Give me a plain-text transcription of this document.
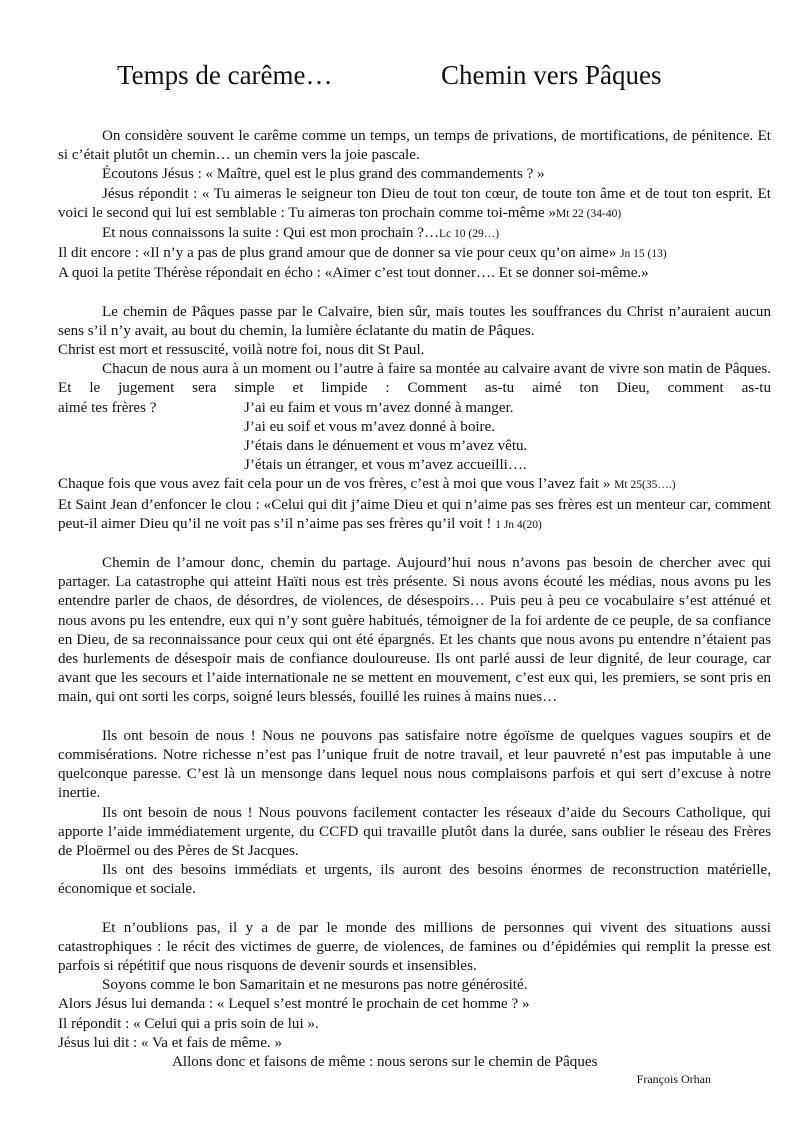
Temps de carême…	Chemin vers Pâques

On considère souvent le carême comme un temps, un temps de privations, de mortifications, de pénitence. Et si c’était plutôt un chemin… un chemin vers la joie pascale.

Écoutons Jésus : « Maître, quel est le plus grand des commandements ? »

Jésus répondit : « Tu aimeras le seigneur ton Dieu de tout ton cœur, de toute ton âme et de tout ton esprit. Et voici le second qui lui est semblable : Tu aimeras ton prochain comme toi-même »Mt 22 (34-40)

Et nous connaissons la suite : Qui est mon prochain ?…Lc 10 (29…)

Il dit encore : «Il n’y a pas de plus grand amour que de donner sa vie pour ceux qu’on aime» Jn 15 (13)

A quoi la petite Thérèse répondait en écho : «Aimer c’est tout donner…. Et se donner soi-même.»

Le chemin de Pâques passe par le Calvaire, bien sûr, mais toutes les souffrances du Christ n’auraient aucun sens s’il n’y avait, au bout du chemin, la lumière éclatante du matin de Pâques.

Christ est mort et ressuscité, voilà notre foi, nous dit St Paul.

Chacun de nous aura à un moment ou l’autre à faire sa montée au calvaire avant de vivre son matin de Pâques. Et le jugement sera simple et limpide : Comment as-tu aimé ton Dieu, comment as-tu

aimé tes frères ?	J’ai eu faim et vous m’avez donné à manger.

J’ai eu soif et vous m’avez donné à boire.

J’étais dans le dénuement et vous m’avez vêtu.

J’étais un étranger, et vous m’avez accueilli….

Chaque fois que vous avez fait cela pour un de vos frères, c’est à moi que vous l’avez fait » Mt 25(35….)

Et Saint Jean d’enfoncer le clou : «Celui qui dit j’aime Dieu et qui n’aime pas ses frères est un menteur car, comment peut-il aimer Dieu qu’il ne voit pas s’il n’aime pas ses frères qu’il voit ! 1 Jn 4(20)

Chemin de l’amour donc, chemin du partage. Aujourd’hui nous n’avons pas besoin de chercher avec qui partager. La catastrophe qui atteint Haïti nous est très présente. Si nous avons écouté les médias, nous avons pu les entendre parler de chaos, de désordres, de violences, de désespoirs… Puis peu à peu ce vocabulaire s’est atténué et nous avons pu les entendre, eux qui n’y sont guère habitués, témoigner de la foi ardente de ce peuple, de sa confiance en Dieu, de sa reconnaissance pour ceux qui ont été épargnés. Et les chants que nous avons pu entendre n’étaient pas des hurlements de désespoir mais de confiance douloureuse. Ils ont parlé aussi de leur dignité, de leur courage, car avant que les secours et l’aide internationale ne se mettent en mouvement, c’est eux qui, les premiers, se sont pris en main, qui ont sorti les corps, soigné leurs blessés, fouillé les ruines à mains nues…

Ils ont besoin de nous ! Nous ne pouvons pas satisfaire notre égoïsme de quelques vagues soupirs et de commisérations. Notre richesse n’est pas l’unique fruit de notre travail, et leur pauvreté n’est pas imputable à une quelconque paresse. C’est là un mensonge dans lequel nous nous complaisons parfois et qui sert d’excuse à notre inertie.

Ils ont besoin de nous ! Nous pouvons facilement contacter les réseaux d’aide du Secours Catholique, qui apporte l’aide immédiatement urgente, du CCFD qui travaille plutôt dans la durée, sans oublier le réseau des Frères de Ploërmel ou des Pères de St Jacques.

Ils ont des besoins immédiats et urgents, ils auront des besoins énormes de reconstruction matérielle, économique et sociale.

Et n’oublions pas, il y a de par le monde des millions de personnes qui vivent des situations aussi catastrophiques : le récit des victimes de guerre, de violences, de famines ou d’épidémies qui remplit la presse est parfois si répétitif que nous risquons de devenir sourds et insensibles.

Soyons comme le bon Samaritain et ne mesurons pas notre générosité.

Alors Jésus lui demanda : « Lequel s’est montré le prochain de cet homme ? »

Il répondit : « Celui qui a pris soin de lui ».

Jésus lui dit : « Va et fais de même. »

Allons donc et faisons de même : nous serons sur le chemin de Pâques

François Orhan
